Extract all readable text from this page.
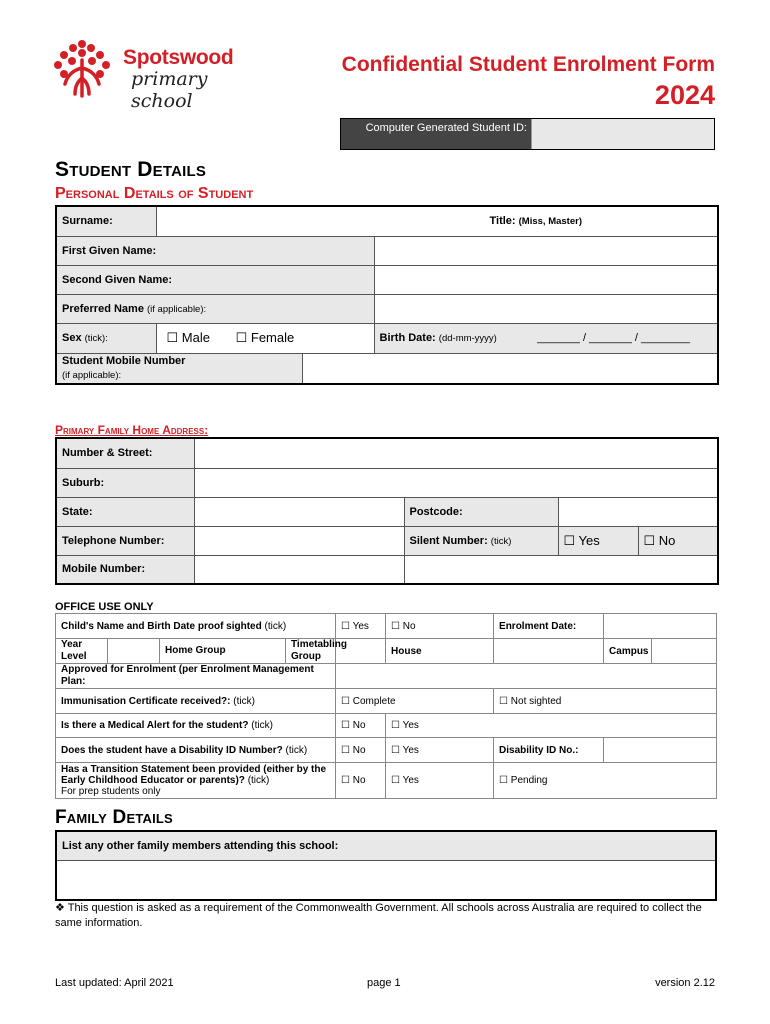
Spotswood
primary school
Confidential Student Enrolment Form
2024
Computer Generated Student ID:
Student Details
Personal Details of Student
Surname:	Title: (Miss, Master)		
First Given Name:			
Second Given Name:			
Preferred Name (if applicable):			
Sex (tick):	☐ Male ☐ Female		Birth Date: (dd-mm-yyyy) _______ / _______ / ________

Student Mobile Number
(if applicable):			
Primary Family Home Address:
Number & Street:				
Suburb:				
State:		Postcode:		
Telephone Number:		Silent Number: (tick)	☐ Yes	☐ No
Mobile Number:				
OFFICE USE ONLY
Child's Name and Birth Date proof sighted (tick)				☐ Yes	☐ No	Enrolment Date:		
Year Level		Home Group	Timetabling Group		House		Campus	
Approved for Enrolment (per Enrolment Management Plan:								
Immunisation Certificate received?: (tick)				☐ Complete		☐ Not sighted		
Is there a Medical Alert for the student? (tick)				☐ No	☐ Yes			
Does the student have a Disability ID Number? (tick)				☐ No	☐ Yes	Disability ID No.:		
Has a Transition Statement been provided (either by the Early Childhood Educator or parents)? (tick)
For prep students only				☐ No	☐ Yes	☐ Pending		
Family Details
List any other family members attending this school:

❖ This question is asked as a requirement of the Commonwealth Government. All schools across Australia are required to collect the same information.
Last updated: April 2021	page 1	version 2.12
